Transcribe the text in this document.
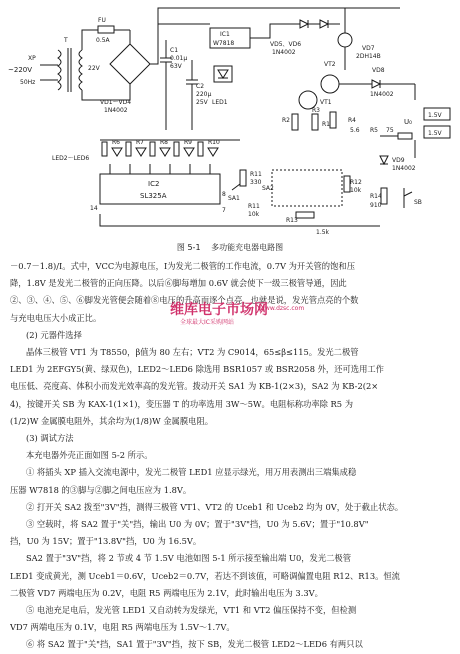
~220V
50Hz
XP
T
22V
FU
0.5A
VD1～VD4
1N4002
C1
0.01μ
63V
C2
220μ
25V LED1
IC1
W7818	VD5、VD6
1N4002
VD7
2DH14B
VT2
VT1
R2
R3
R1
R4
5.6
VD8
1N4002
1.5V
1.5V
U₀
R5 75
VD9
1N4002
R14
910	SB
LED2～LED6
R6	R7	R8	R9	R10
IC2
SL325A
14
8
7
R11
330
R11
10k
SA1
SA2
R12
10k
R13
1.5k
图 5-1 多功能充电器电路图

－0.7－1.8)/I。式中，VCC为电源电压，I为发光二极管的工作电流，0.7V 为开关管的饱和压

降，1.8V 是发光二极管的正向压降。以后⑥脚每增加 0.6V 就会使下一级三极管导通，因此

②、③、④、⑤、⑥脚发光管便会随着⑧电压的升高而逐个点亮，也就是说，发光管点亮的个数

与充电电压大小成正比。

(2) 元器件选择

晶体三极管 VT1 为 T8550，β值为 80 左右；VT2 为 C9014，65≤β≤115。发光二极管

LED1 为 2EFGY5(黄、绿双色)，LED2～LED6 除选用 BSR1057 或 BSR2058 外，还可选用工作

电压低、亮度高、体积小而发光效率高的发光管。拨动开关 SA1 为 KB-1(2×3)，SA2 为 KB-2(2×

4)，按键开关 SB 为 KAX-1(1×1)，变压器 T 的功率选用 3W～5W。电阻标称功率除 R5 为

(1/2)W 金属膜电阻外，其余均为(1/8)W 金属膜电阻。

(3) 调试方法

本充电器外壳正面如图 5-2 所示。

① 将插头 XP 插入交流电源中，发光二极管 LED1 应显示绿光，用万用表测出三端集成稳

压器 W7818 的③脚与②脚之间电压应为 1.8V。

② 打开关 SA2 拨至"3V"挡，测得三极管 VT1、VT2 的 Uceb1 和 Uceb2 均为 0V，处于截止状态。

③ 空载时，将 SA2 置于"关"挡，输出 U0 为 0V；置于"3V"挡，U0 为 5.6V；置于"10.8V"

挡，U0 为 15V；置于"13.8V"挡，U0 为 16.5V。

SA2 置于"3V"挡，将 2 节或 4 节 1.5V 电池如图 5-1 所示接至输出端 U0，发光二极管

LED1 变成黄光，测 Uceb1＝0.6V，Uceb2＝0.7V，若达不到该值，可略调偏置电阻 R12、R13。恒流

二极管 VD7 两端电压为 0.2V，电阻 R5 两端电压为 2.1V，此时输出电压为 3.3V。

⑤ 电池充足电后，发光管 LED1 又自动转为发绿光，VT1 和 VT2 偏压保持不变，但检测

VD7 两端电压为 0.1V，电阻 R5 两端电压为 1.5V～1.7V。

⑥ 将 SA2 置于"关"挡，SA1 置于"3V"挡，按下 SB，发光二极管 LED2～LED6 有两只以

维库电子市场网
全球最大IC采购网站
www.dzsc.com
